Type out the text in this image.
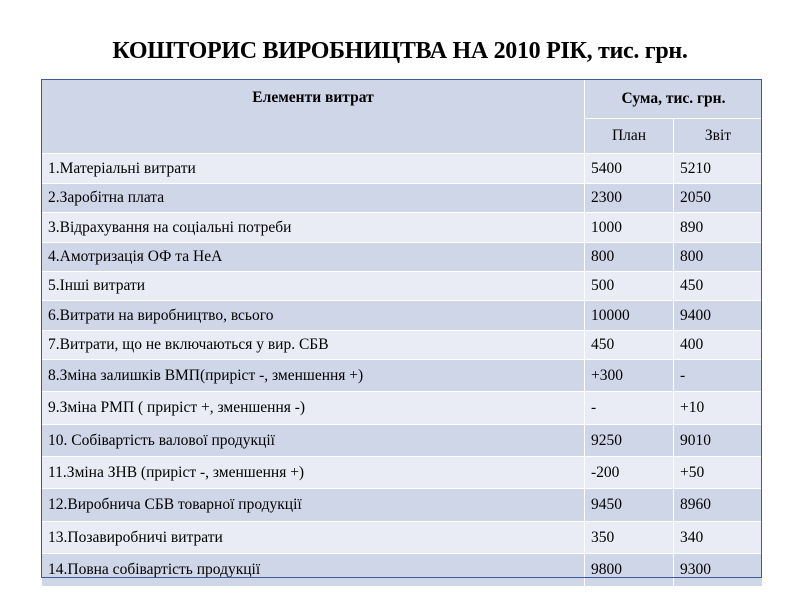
КОШТОРИС ВИРОБНИЦТВА НА 2010 РІК, тис. грн.
Елементи витрат	Сума, тис. грн.	
	План	Звіт
1.Матеріальні витрати	5400	5210
2.Заробітна плата	2300	2050
3.Відрахування на соціальні потреби	1000	890
4.Амотризація ОФ та НеА	800	800
5.Інші витрати	500	450
6.Витрати на виробництво, всього	10000	9400
7.Витрати, що не включаються у вир. СБВ	450	400
8.Зміна залишків ВМП(приріст -, зменшення +)	+300	-
9.Зміна РМП ( приріст +, зменшення -)	-	+10
10. Собівартість валової продукції	9250	9010
11.Зміна ЗНВ (приріст -, зменшення +)	-200	+50
12.Виробнича СБВ товарної продукції	9450	8960
13.Позавиробничі витрати	350	340
14.Повна собівартість продукції	9800	9300
